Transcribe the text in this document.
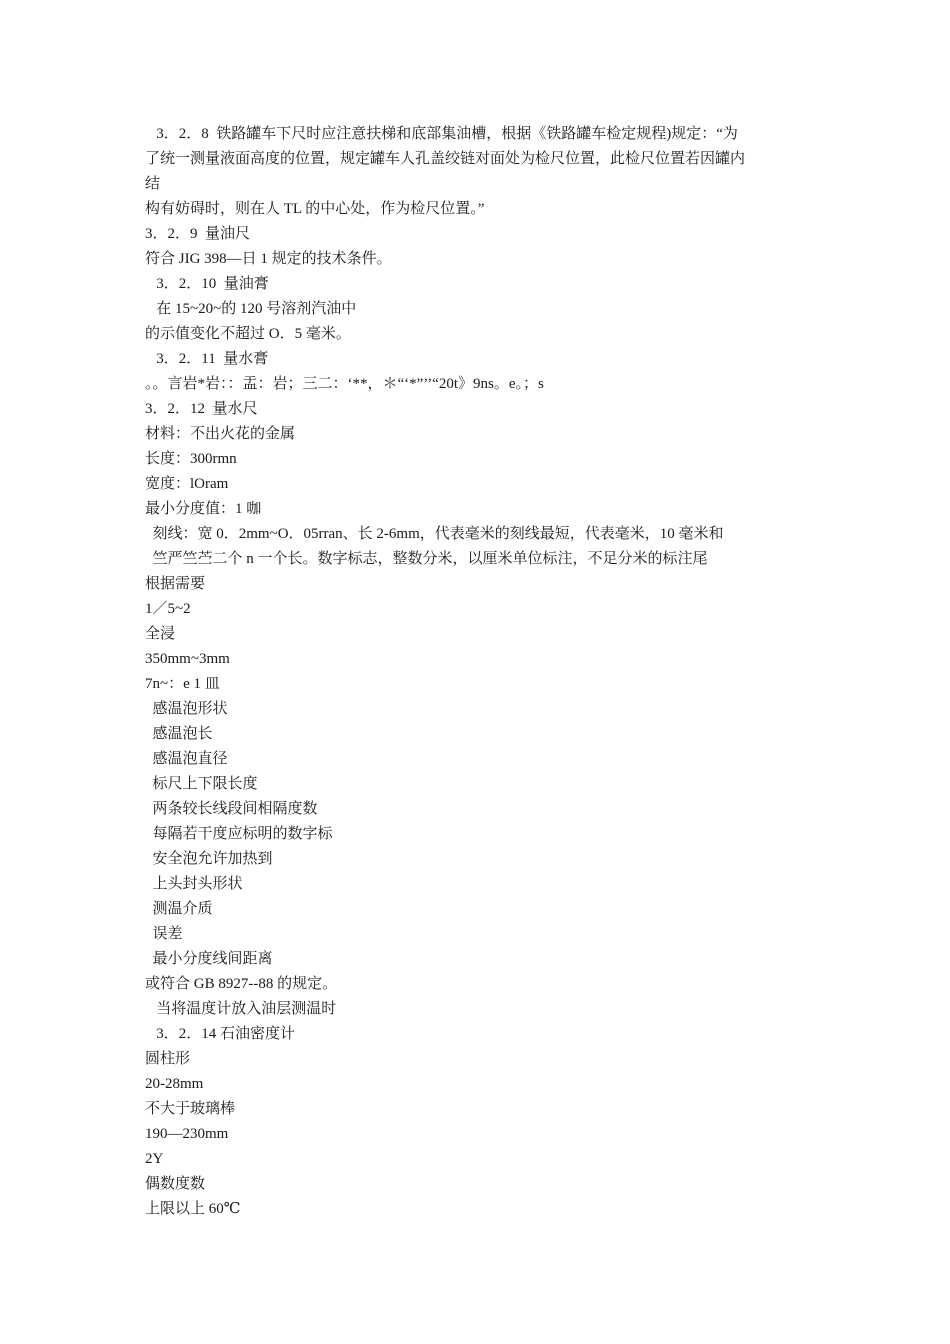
3．2．8  铁路罐车下尺时应注意扶梯和底部集油槽，根据《铁路罐车检定规程)规定：“为
了统一测量液面高度的位置，规定罐车人孔盖绞链对面处为检尺位置，此检尺位置若因罐内
结
构有妨碍时，则在人 TL 的中心处，作为检尺位置。”
3．2．9  量油尺
符合 JIG 398—日 1 规定的技术条件。
3．2．10  量油膏
在 15~20~的 120 号溶剂汽油中
的示值变化不超过 O．5 毫米。
3．2．11  量水膏
。。言岩*岩：：盂：岩；三二：‘**，＊“‘*”’’“20t》9ns。e。；s
3．2．12  量水尺
材料：不出火花的金属
长度：300rmn
宽度：lOram
最小分度值：1 咖
刻线：宽 0．2mm~O．05rran、长 2-6mm，代表毫米的刻线最短，代表毫米，10 毫米和
竺严竺苎二个 n 一个长。数字标志，整数分米，以厘米单位标注，不足分米的标注尾
根据需要
1／5~2
全浸
350mm~3mm
7n~：e 1 皿
感温泡形状
感温泡长
感温泡直径
标尺上下限长度
两条较长线段间相隔度数
每隔若干度应标明的数字标
安全泡允许加热到
上头封头形状
测温介质
误差
最小分度线间距离
或符合 GB 8927--88 的规定。
当将温度计放入油层测温时
3．2．14 石油密度计
圆柱形
20-28mm
不大于玻璃棒
190—230mm
2Y
偶数度数
上限以上 60℃
